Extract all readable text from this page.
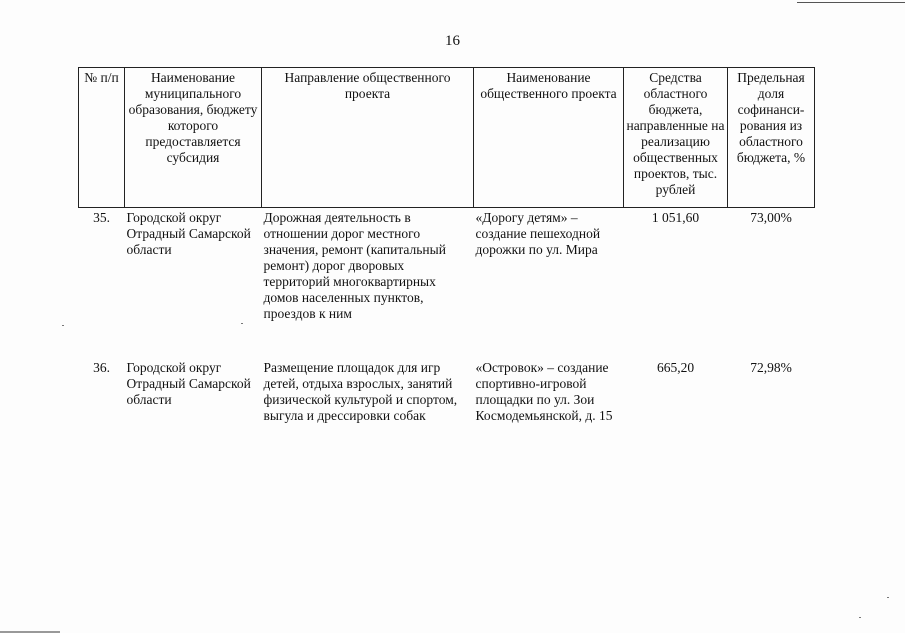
16
№ п/п	Наименование муниципального образования, бюджету которого предоставляется субсидия	Направление общественного проекта	Наименование общественного проекта	Средства областного бюджета, направленные на реализацию общественных проектов, тыс. рублей	Предельная доля софинанси-рования из областного бюджета, %
35.	Городской округ Отрадный Самарской области	Дорожная деятельность в отношении дорог местного значения, ремонт (капитальный ремонт) дорог дворовых территорий многоквартирных домов населенных пунктов, проездов к ним	«Дорогу детям» – создание пешеходной дорожки по ул. Мира	1 051,60	73,00%
36.	Городской округ Отрадный Самарской области	Размещение площадок для игр детей, отдыха взрослых, занятий физической культурой и спортом, выгула и дрессировки собак	«Островок» – создание спортивно-игровой площадки по ул. Зои Космодемьянской, д. 15	665,20	72,98%
